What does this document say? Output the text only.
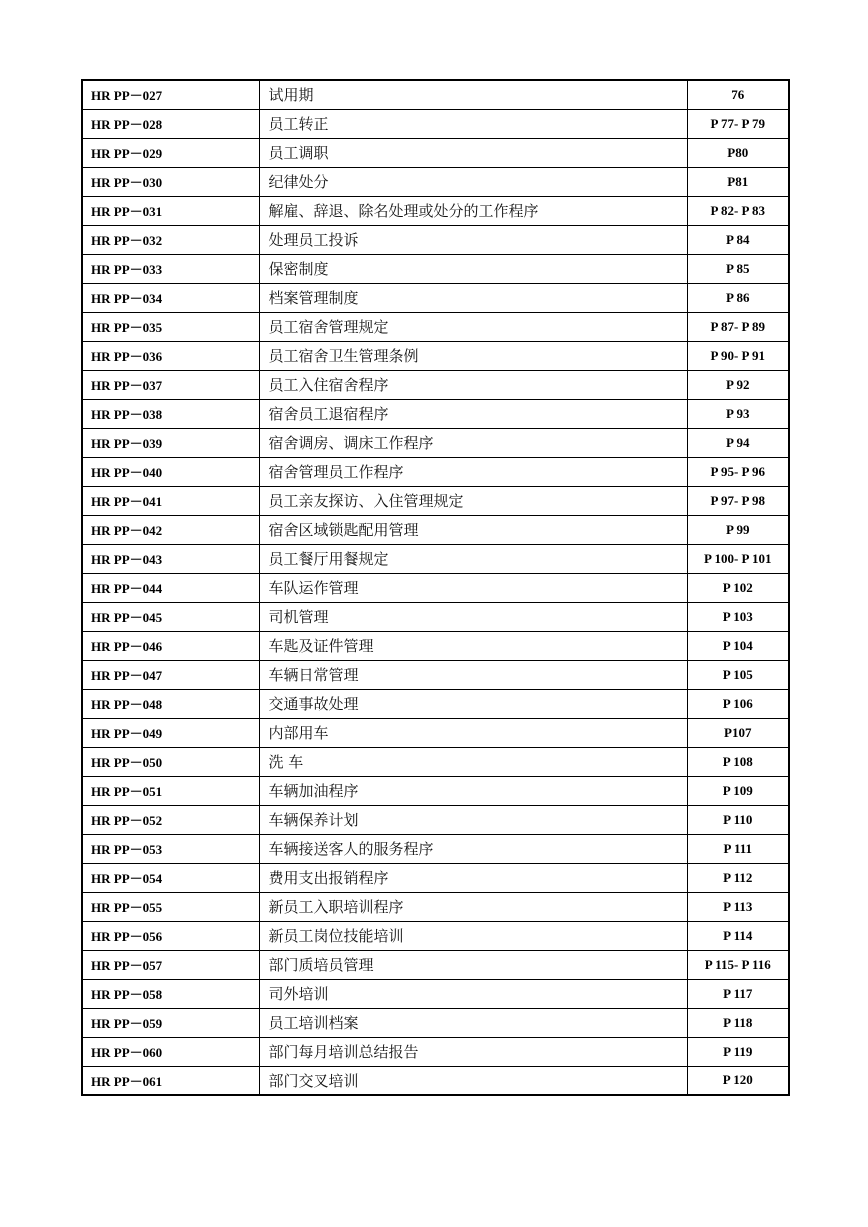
HR PP－027	试用期	76
HR PP－028	员工转正	P 77- P 79
HR PP－029	员工调职	P80
HR PP－030	纪律处分	P81
HR PP－031	解雇、辞退、除名处理或处分的工作程序	P 82- P 83
HR PP－032	处理员工投诉	P 84
HR PP－033	保密制度	P 85
HR PP－034	档案管理制度	P 86
HR PP－035	员工宿舍管理规定	P 87- P 89
HR PP－036	员工宿舍卫生管理条例	P 90- P 91
HR PP－037	员工入住宿舍程序	P 92
HR PP－038	宿舍员工退宿程序	P 93
HR PP－039	宿舍调房、调床工作程序	P 94
HR PP－040	宿舍管理员工作程序	P 95- P 96
HR PP－041	员工亲友探访、入住管理规定	P 97- P 98
HR PP－042	宿舍区域锁匙配用管理	P 99
HR PP－043	员工餐厅用餐规定	P 100- P 101
HR PP－044	车队运作管理	P 102
HR PP－045	司机管理	P 103
HR PP－046	车匙及证件管理	P 104
HR PP－047	车辆日常管理	P 105
HR PP－048	交通事故处理	P 106
HR PP－049	内部用车	P107
HR PP－050	洗 车	P 108
HR PP－051	车辆加油程序	P 109
HR PP－052	车辆保养计划	P 110
HR PP－053	车辆接送客人的服务程序	P 111
HR PP－054	费用支出报销程序	P 112
HR PP－055	新员工入职培训程序	P 113
HR PP－056	新员工岗位技能培训	P 114
HR PP－057	部门质培员管理	P 115- P 116
HR PP－058	司外培训	P 117
HR PP－059	员工培训档案	P 118
HR PP－060	部门每月培训总结报告	P 119
HR PP－061	部门交叉培训	P 120
